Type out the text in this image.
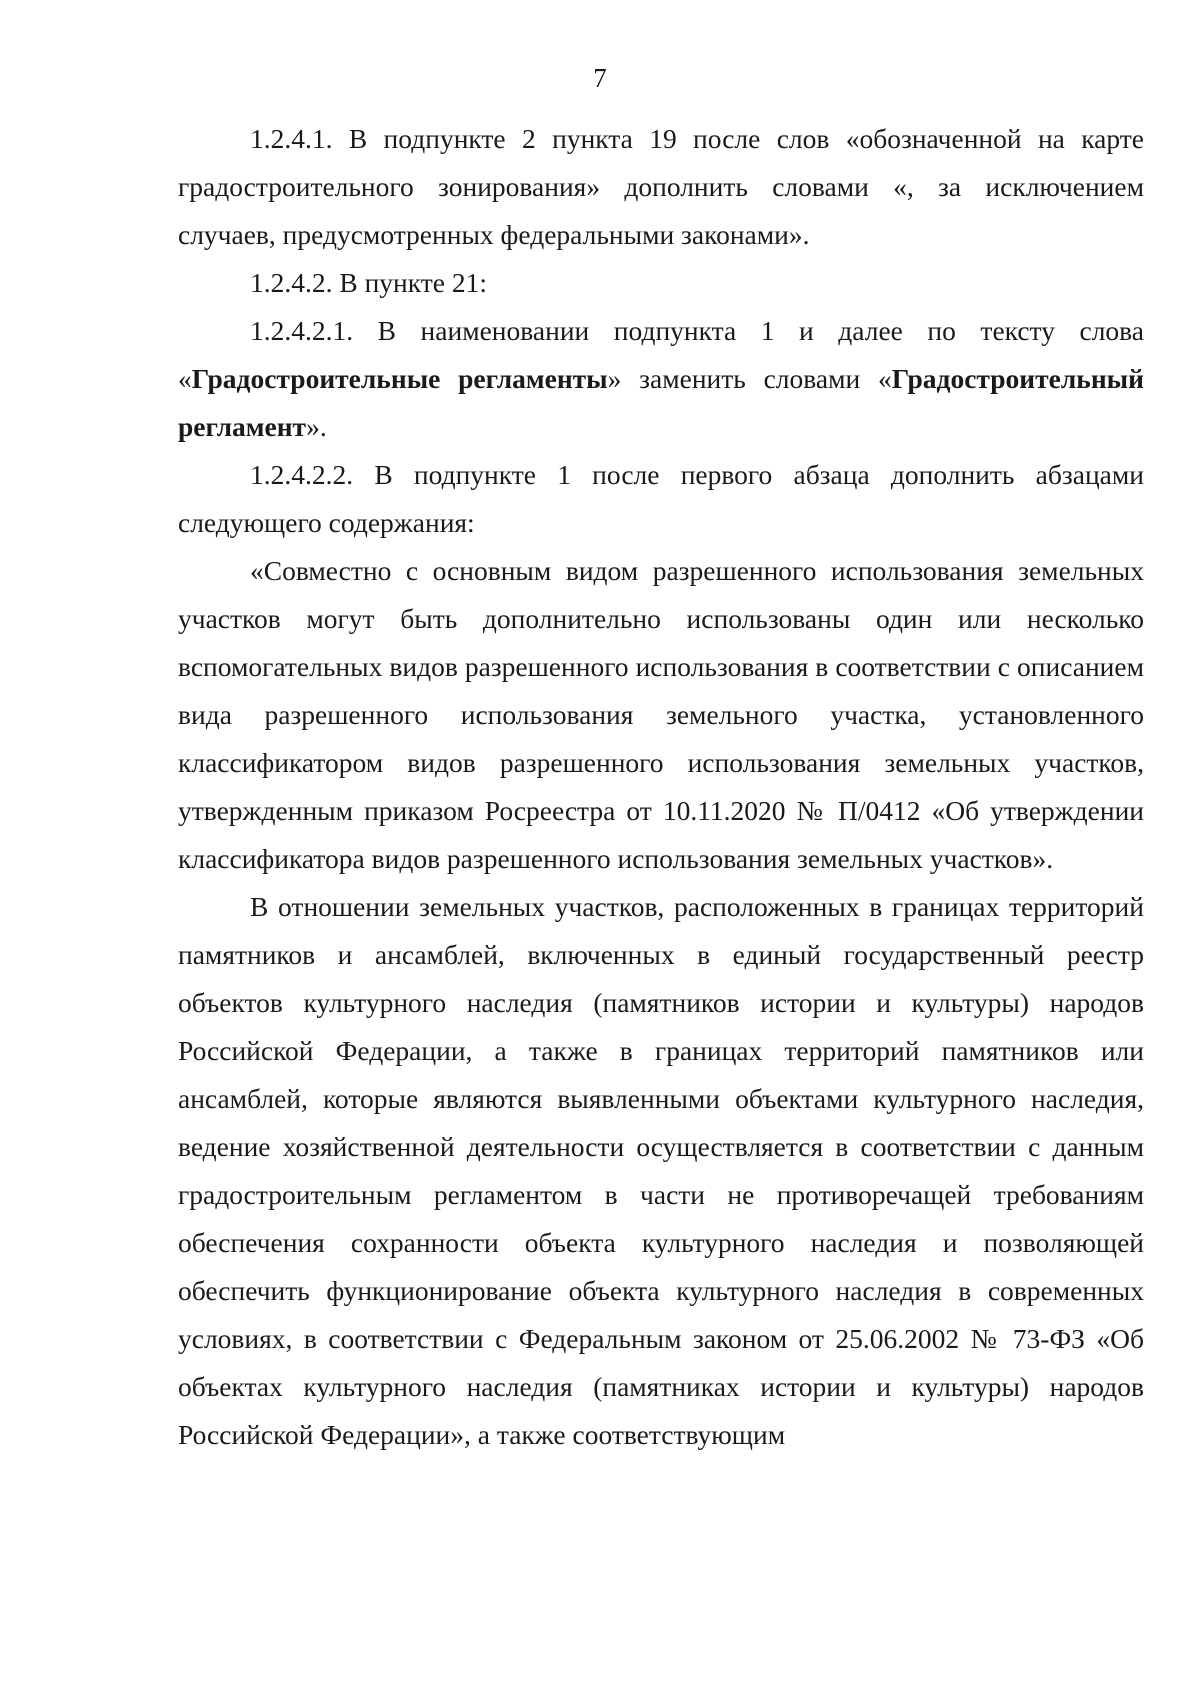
7

1.2.4.1. В подпункте 2 пункта 19 после слов «обозначенной на карте градостроительного зонирования» дополнить словами «, за исключением случаев, предусмотренных федеральными законами».

1.2.4.2. В пункте 21:

1.2.4.2.1. В наименовании подпункта 1 и далее по тексту слова «Градостроительные регламенты» заменить словами «Градостроительный регламент».

1.2.4.2.2. В подпункте 1 после первого абзаца дополнить абзацами следующего содержания:

«Совместно с основным видом разрешенного использования земельных участков могут быть дополнительно использованы один или несколько вспомогательных видов разрешенного использования в соответствии с описанием вида разрешенного использования земельного участка, установленного классификатором видов разрешенного использования земельных участков, утвержденным приказом Росреестра от 10.11.2020 № П/0412 «Об утверждении классификатора видов разрешенного использования земельных участков».

В отношении земельных участков, расположенных в границах территорий памятников и ансамблей, включенных в единый государственный реестр объектов культурного наследия (памятников истории и культуры) народов Российской Федерации, а также в границах территорий памятников или ансамблей, которые являются выявленными объектами культурного наследия, ведение хозяйственной деятельности осуществляется в соответствии с данным градостроительным регламентом в части не противоречащей требованиям обеспечения сохранности объекта культурного наследия и позволяющей обеспечить функционирование объекта культурного наследия в современных условиях, в соответствии с Федеральным законом от 25.06.2002 № 73-ФЗ «Об объектах культурного наследия (памятниках истории и культуры) народов Российской Федерации», а также соответствующим
